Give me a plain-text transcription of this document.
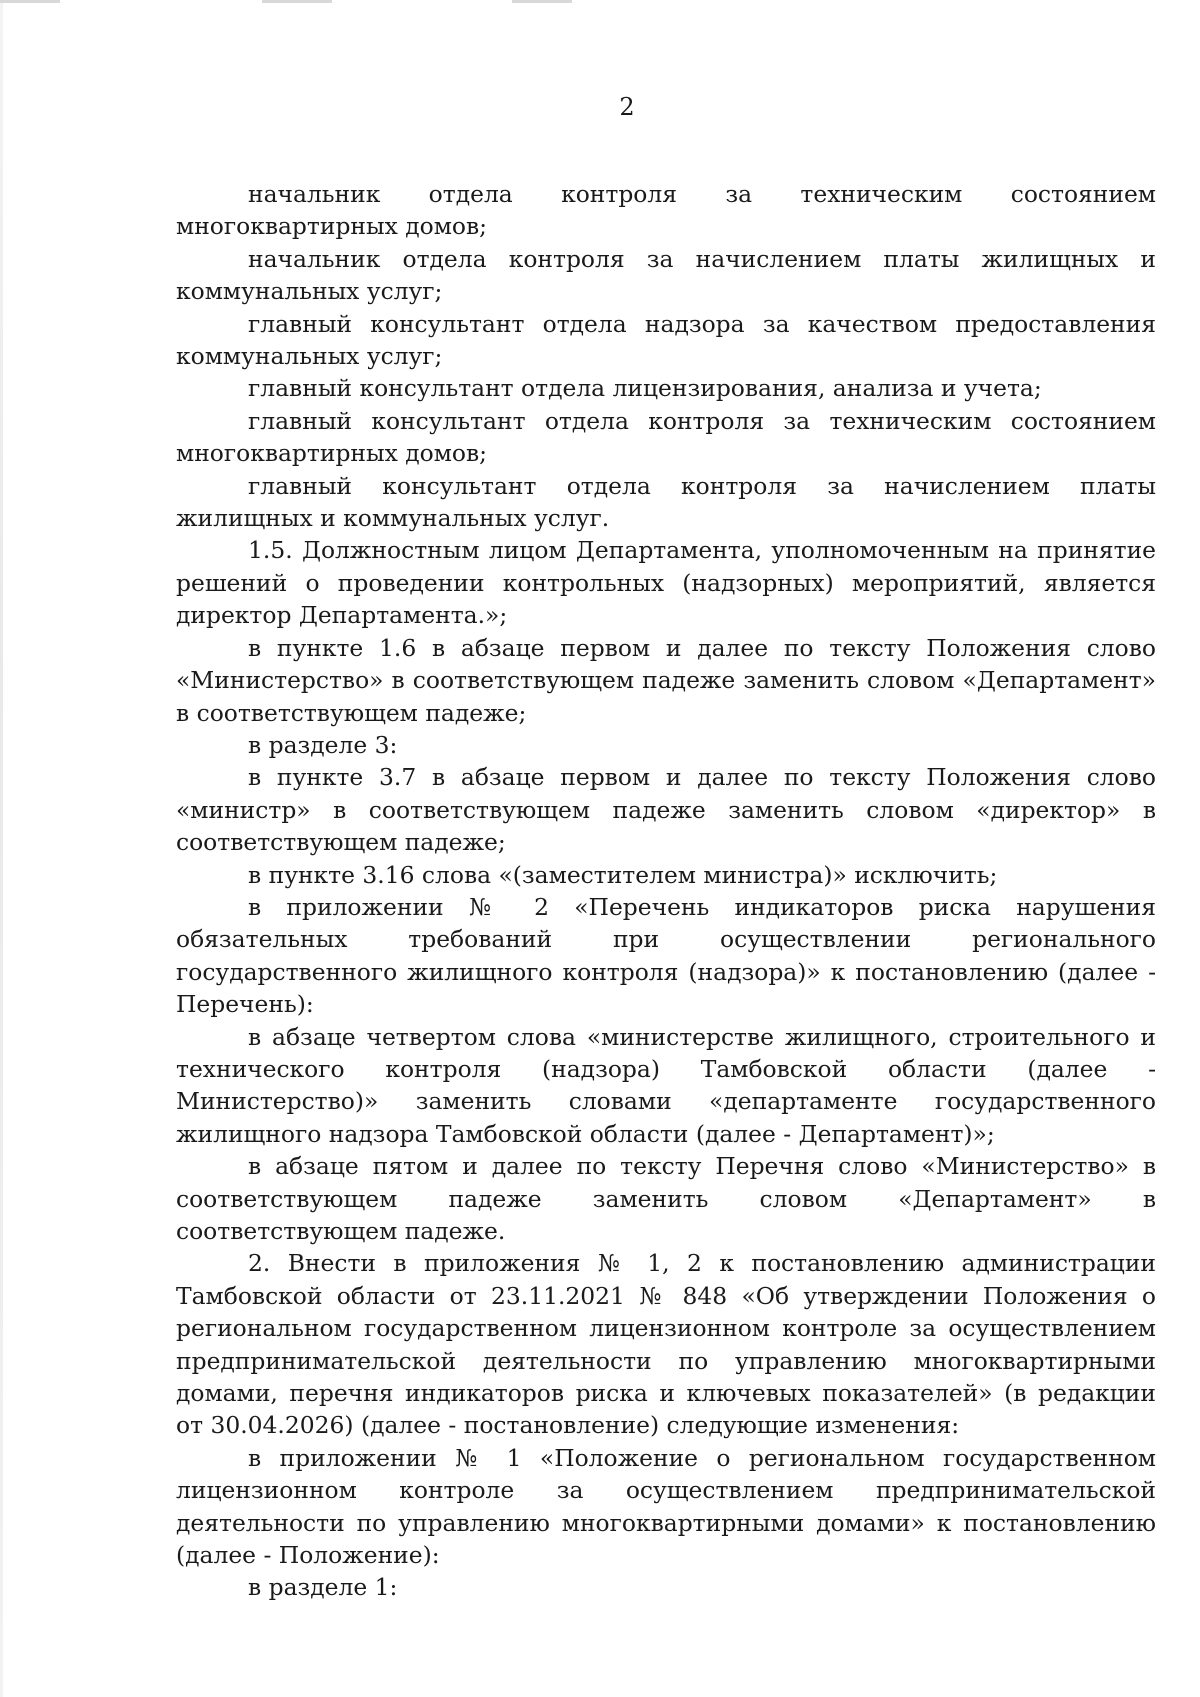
2

начальник отдела контроля за техническим состоянием многоквартирных домов;

начальник отдела контроля за начислением платы жилищных и коммунальных услуг;

главный консультант отдела надзора за качеством предоставления коммунальных услуг;

главный консультант отдела лицензирования, анализа и учета;

главный консультант отдела контроля за техническим состоянием многоквартирных домов;

главный консультант отдела контроля за начислением платы жилищных и коммунальных услуг.

1.5. Должностным лицом Департамента, уполномоченным на принятие решений о проведении контрольных (надзорных) мероприятий, является директор Департамента.»;

в пункте 1.6 в абзаце первом и далее по тексту Положения слово «Министерство» в соответствующем падеже заменить словом «Департамент» в соответствующем падеже;

в разделе 3:

в пункте 3.7 в абзаце первом и далее по тексту Положения слово «министр» в соответствующем падеже заменить словом «директор» в соответствующем падеже;

в пункте 3.16 слова «(заместителем министра)» исключить;

в приложении № 2 «Перечень индикаторов риска нарушения обязательных требований при осуществлении регионального государственного жилищного контроля (надзора)» к постановлению (далее - Перечень):

в абзаце четвертом слова «министерстве жилищного, строительного и технического контроля (надзора) Тамбовской области (далее - Министерство)» заменить словами «департаменте государственного жилищного надзора Тамбовской области (далее - Департамент)»;

в абзаце пятом и далее по тексту Перечня слово «Министерство» в соответствующем падеже заменить словом «Департамент» в соответствующем падеже.

2. Внести в приложения № 1, 2 к постановлению администрации Тамбовской области от 23.11.2021 № 848 «Об утверждении Положения о региональном государственном лицензионном контроле за осуществлением предпринимательской деятельности по управлению многоквартирными домами, перечня индикаторов риска и ключевых показателей» (в редакции от 30.04.2026) (далее - постановление) следующие изменения:

в приложении № 1 «Положение о региональном государственном лицензионном контроле за осуществлением предпринимательской деятельности по управлению многоквартирными домами» к постановлению (далее - Положение):

в разделе 1:
